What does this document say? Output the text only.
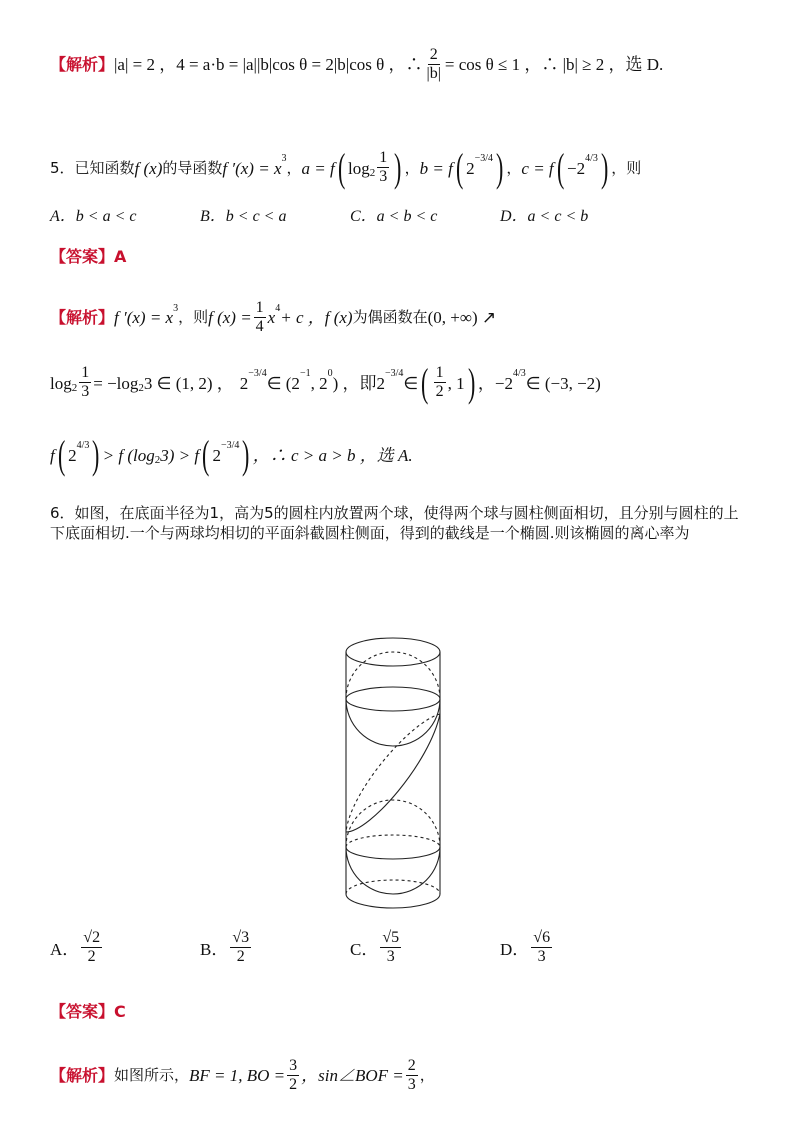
【解析】 |a| = 2 ，4 = a·b = |a||b|cos θ = 2|b|cos θ ，∴ $\frac{2}{|b|} = \cos \theta \le 1$ ，∴ |b| ≥ 2 ，选 D.
5．已知函数 f (x) 的导函数 f ′(x) = x 3 ， a = f ( $\log 2 \frac{1}{3}$ ) ， b = f ( 2 −3/4 ) ， c = f ( −2 4/3 ) ， 则
A．b < a < c	B．b < c < a	C．a < b < c	D．a < c < b
【答案】 A
【解析】 f ′(x) = x 3 ，则 f $(x) = \frac{1}{4}$ x 4 + c ， f (x) 为偶函数在 (0, +∞) ↗
$\log 2 \frac{1}{3} = -\log$ 2 3 ∈ (1, 2) ， 2 −3/4 ∈ (2 −1 , 2 0 ) ，即 2 −3/4 ∈ ( $\frac{1}{2}$ , 1 ) ， −2 4/3 ∈ (−3, −2)
f ( 2 4/3 ) > f (log 2 3) > f ( 2 −3/4 ) ，∴ c > a > b ，选 A.
6．如图，在底面半径为1，高为5的圆柱内放置两个球，使得两个球与圆柱侧面相切，且分别与圆柱的上下底面相切.一个与两球均相切的平面斜截圆柱侧面，得到的截线是一个椭圆.则该椭圆的离心率为
A． $\frac{√2}{2}$	B． $\frac{√3}{2}$	C． $\frac{√5}{3}$	D． $\frac{√6}{3}$
【答案】 C
【解析】 如图所示， BF = 1, BO = $\frac{3}{2}$ ，sin∠BOF = $\frac{2}{3}$ ，
